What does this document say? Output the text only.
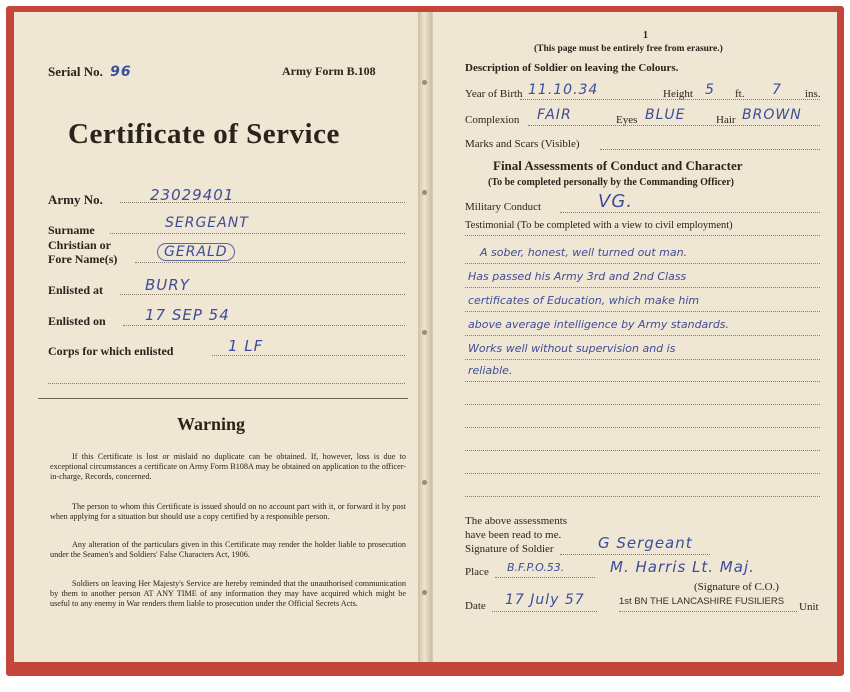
Serial No. 96	Army Form B.108
Certificate of Service
Army No.	23029401
Surname	SERGEANT
Christian or
Fore Name(s)	GERALD
Enlisted at	BURY
Enlisted on	17 SEP 54
Corps for which enlisted	1 LF
Warning
If this Certificate is lost or mislaid no duplicate can be obtained. If, however, loss is due to exceptional circumstances a certificate on Army Form B108A may be obtained on application to the officer-in-charge, Records, concerned.
The person to whom this Certificate is issued should on no account part with it, or forward it by post when applying for a situation but should use a copy certified by a responsible person.
Any alteration of the particulars given in this Certificate may render the holder liable to prosecution under the Seamen's and Soldiers' False Characters Act, 1906.
Soldiers on leaving Her Majesty's Service are hereby reminded that the unauthorised communication by them to another person AT ANY TIME of any information they may have acquired which might be useful to any enemy in War renders them liable to prosecution under the Official Secrets Acts.
1
(This page must be entirely free from erasure.)
Description of Soldier on leaving the Colours.
Year of Birth 11.10.34	Height 5 ft. 7 ins.
Complexion FAIR	Eyes BLUE	Hair BROWN
Marks and Scars (Visible)
Final Assessments of Conduct and Character
(To be completed personally by the Commanding Officer)
Military Conduct	VG.
Testimonial (To be completed with a view to civil employment)
A sober, honest, well turned out man.
Has passed his Army 3rd and 2nd Class
certificates of Education, which make him
above average intelligence by Army standards.
Works well without supervision and is
reliable.
The above assessments
have been read to me.
Signature of Soldier	G Sergeant
Place B.F.P.O.53.	M. Harris Lt. Maj.
(Signature of C.O.)
Date 17 July 57	1st BN THE LANCASHIRE FUSILIERS Unit
